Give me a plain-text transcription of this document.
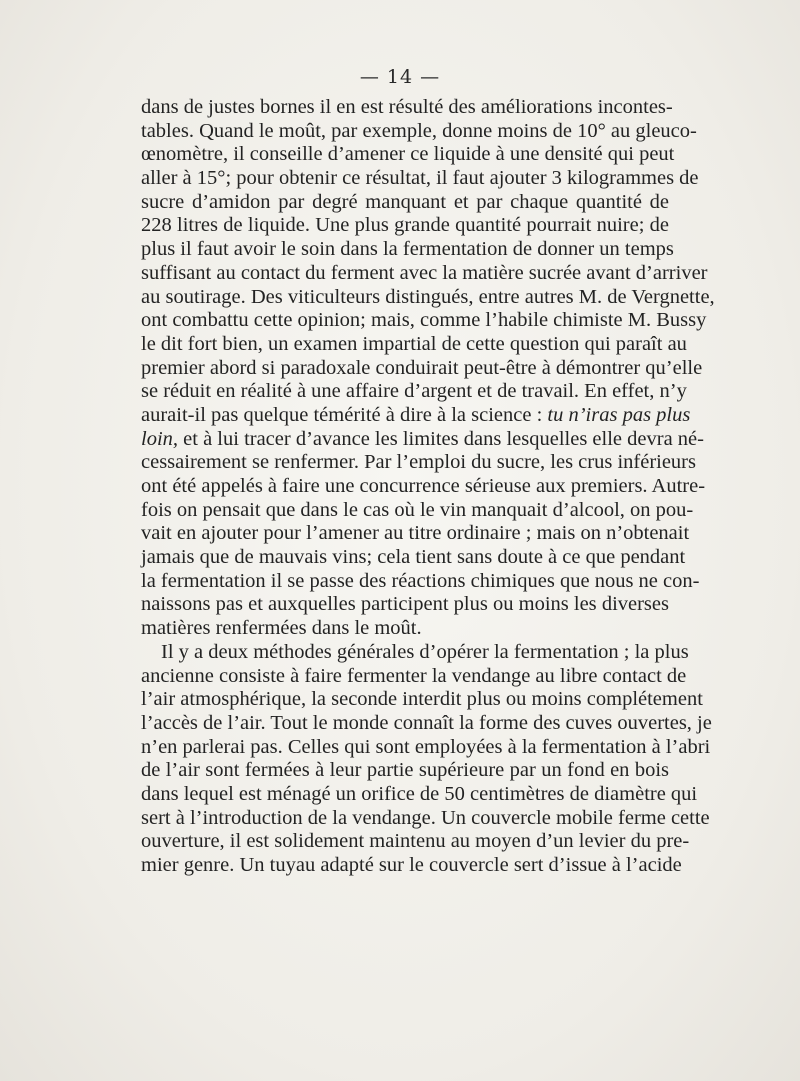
— 14 —
dans de justes bornes il en est résulté des améliorations incontes-
tables. Quand le moût, par exemple, donne moins de 10° au gleuco-
œnomètre, il conseille d’amener ce liquide à une densité qui peut
aller à 15°; pour obtenir ce résultat, il faut ajouter 3 kilogrammes de
sucre d’amidon par degré manquant et par chaque quantité de
228 litres de liquide. Une plus grande quantité pourrait nuire; de
plus il faut avoir le soin dans la fermentation de donner un temps
suffisant au contact du ferment avec la matière sucrée avant d’arriver
au soutirage. Des viticulteurs distingués, entre autres M. de Vergnette,
ont combattu cette opinion; mais, comme l’habile chimiste M. Bussy
le dit fort bien, un examen impartial de cette question qui paraît au
premier abord si paradoxale conduirait peut-être à démontrer qu’elle
se réduit en réalité à une affaire d’argent et de travail. En effet, n’y
aurait-il pas quelque témérité à dire à la science : tu n’iras pas plus
loin, et à lui tracer d’avance les limites dans lesquelles elle devra né-
cessairement se renfermer. Par l’emploi du sucre, les crus inférieurs
ont été appelés à faire une concurrence sérieuse aux premiers. Autre-
fois on pensait que dans le cas où le vin manquait d’alcool, on pou-
vait en ajouter pour l’amener au titre ordinaire ; mais on n’obtenait
jamais que de mauvais vins; cela tient sans doute à ce que pendant
la fermentation il se passe des réactions chimiques que nous ne con-
naissons pas et auxquelles participent plus ou moins les diverses
matières renfermées dans le moût.
Il y a deux méthodes générales d’opérer la fermentation ; la plus
ancienne consiste à faire fermenter la vendange au libre contact de
l’air atmosphérique, la seconde interdit plus ou moins complétement
l’accès de l’air. Tout le monde connaît la forme des cuves ouvertes, je
n’en parlerai pas. Celles qui sont employées à la fermentation à l’abri
de l’air sont fermées à leur partie supérieure par un fond en bois
dans lequel est ménagé un orifice de 50 centimètres de diamètre qui
sert à l’introduction de la vendange. Un couvercle mobile ferme cette
ouverture, il est solidement maintenu au moyen d’un levier du pre-
mier genre. Un tuyau adapté sur le couvercle sert d’issue à l’acide
